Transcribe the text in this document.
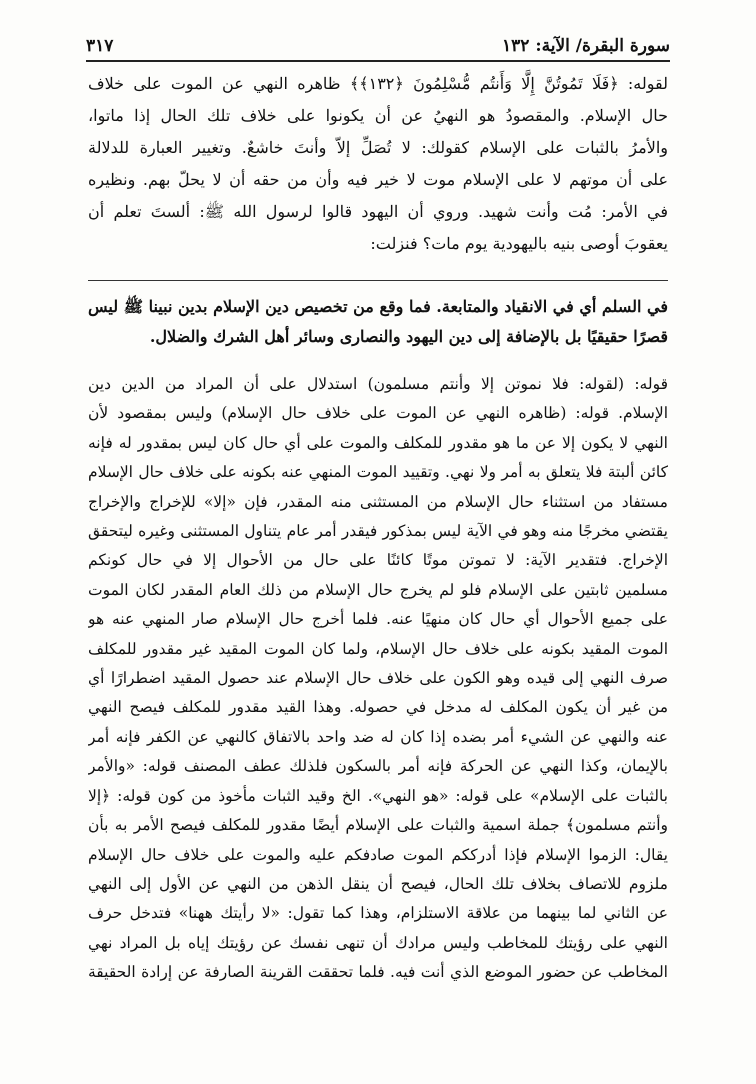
سورة البقرة/ الآية: ١٣٢
٣١٧
لقوله: ﴿فَلَا تَمُوتُنَّ إِلَّا وَأَنتُم مُّسْلِمُونَ ﴿١٣٢﴾﴾ ظاهره النهي عن الموت على خلاف
حال الإسلام. والمقصودُ هو النهيُ عن أن يكونوا على خلاف تلك الحال إذا ماتوا،
والأمرُ بالثبات على الإسلام كقولك: لا تُصَلِّ إلاّ وأنتَ خاشعٌ. وتغيير العبارة للدلالة
على أن موتهم لا على الإسلام موت لا خير فيه وأن من حقه أن لا يحلّ بهم. ونظيره
في الأمر: مُت وأنت شهيد. وروي أن اليهود قالوا لرسول الله ﷺ: ألستَ تعلم أن
يعقوبَ أوصى بنيه باليهودية يوم مات؟ فنزلت:
في السلم أي في الانقياد والمتابعة. فما وقع من تخصيص دين الإسلام بدين نبينا ﷺ ليس
قصرًا حقيقيًا بل بالإضافة إلى دين اليهود والنصارى وسائر أهل الشرك والضلال.
قوله: (لقوله: فلا نموتن إلا وأنتم مسلمون) استدلال على أن المراد من الدين دين
الإسلام. قوله: (ظاهره النهي عن الموت على خلاف حال الإسلام) وليس بمقصود لأن
النهي لا يكون إلا عن ما هو مقدور للمكلف والموت على أي حال كان ليس بمقدور له فإنه
كائن ألبتة فلا يتعلق به أمر ولا نهي. وتقييد الموت المنهي عنه بكونه على خلاف حال الإسلام
مستفاد من استثناء حال الإسلام من المستثنى منه المقدر، فإن «إلا» للإخراج والإخراج
يقتضي مخرجًا منه وهو في الآية ليس بمذكور فيقدر أمر عام يتناول المستثنى وغيره ليتحقق
الإخراج. فتقدير الآية: لا تموتن موتًا كائنًا على حال من الأحوال إلا في حال كونكم
مسلمين ثابتين على الإسلام فلو لم يخرج حال الإسلام من ذلك العام المقدر لكان الموت
على جميع الأحوال أي حال كان منهيًا عنه. فلما أخرج حال الإسلام صار المنهي عنه هو
الموت المقيد بكونه على خلاف حال الإسلام، ولما كان الموت المقيد غير مقدور للمكلف
صرف النهي إلى قيده وهو الكون على خلاف حال الإسلام عند حصول المقيد اضطرارًا أي
من غير أن يكون المكلف له مدخل في حصوله. وهذا القيد مقدور للمكلف فيصح النهي
عنه والنهي عن الشيء أمر بضده إذا كان له ضد واحد بالاتفاق كالنهي عن الكفر فإنه أمر
بالإيمان، وكذا النهي عن الحركة فإنه أمر بالسكون فلذلك عطف المصنف قوله: «والأمر
بالثبات على الإسلام» على قوله: «هو النهي». الخ وقيد الثبات مأخوذ من كون قوله: ﴿إلا
وأنتم مسلمون﴾ جملة اسمية والثبات على الإسلام أيضًا مقدور للمكلف فيصح الأمر به بأن
يقال: الزموا الإسلام فإذا أدرككم الموت صادفكم عليه والموت على خلاف حال الإسلام
ملزوم للاتصاف بخلاف تلك الحال، فيصح أن ينقل الذهن من النهي عن الأول إلى النهي
عن الثاني لما بينهما من علاقة الاستلزام، وهذا كما تقول: «لا رأيتك ههنا» فتدخل حرف
النهي على رؤيتك للمخاطب وليس مرادك أن تنهى نفسك عن رؤيتك إياه بل المراد نهي
المخاطب عن حضور الموضع الذي أنت فيه. فلما تحققت القرينة الصارفة عن إرادة الحقيقة
